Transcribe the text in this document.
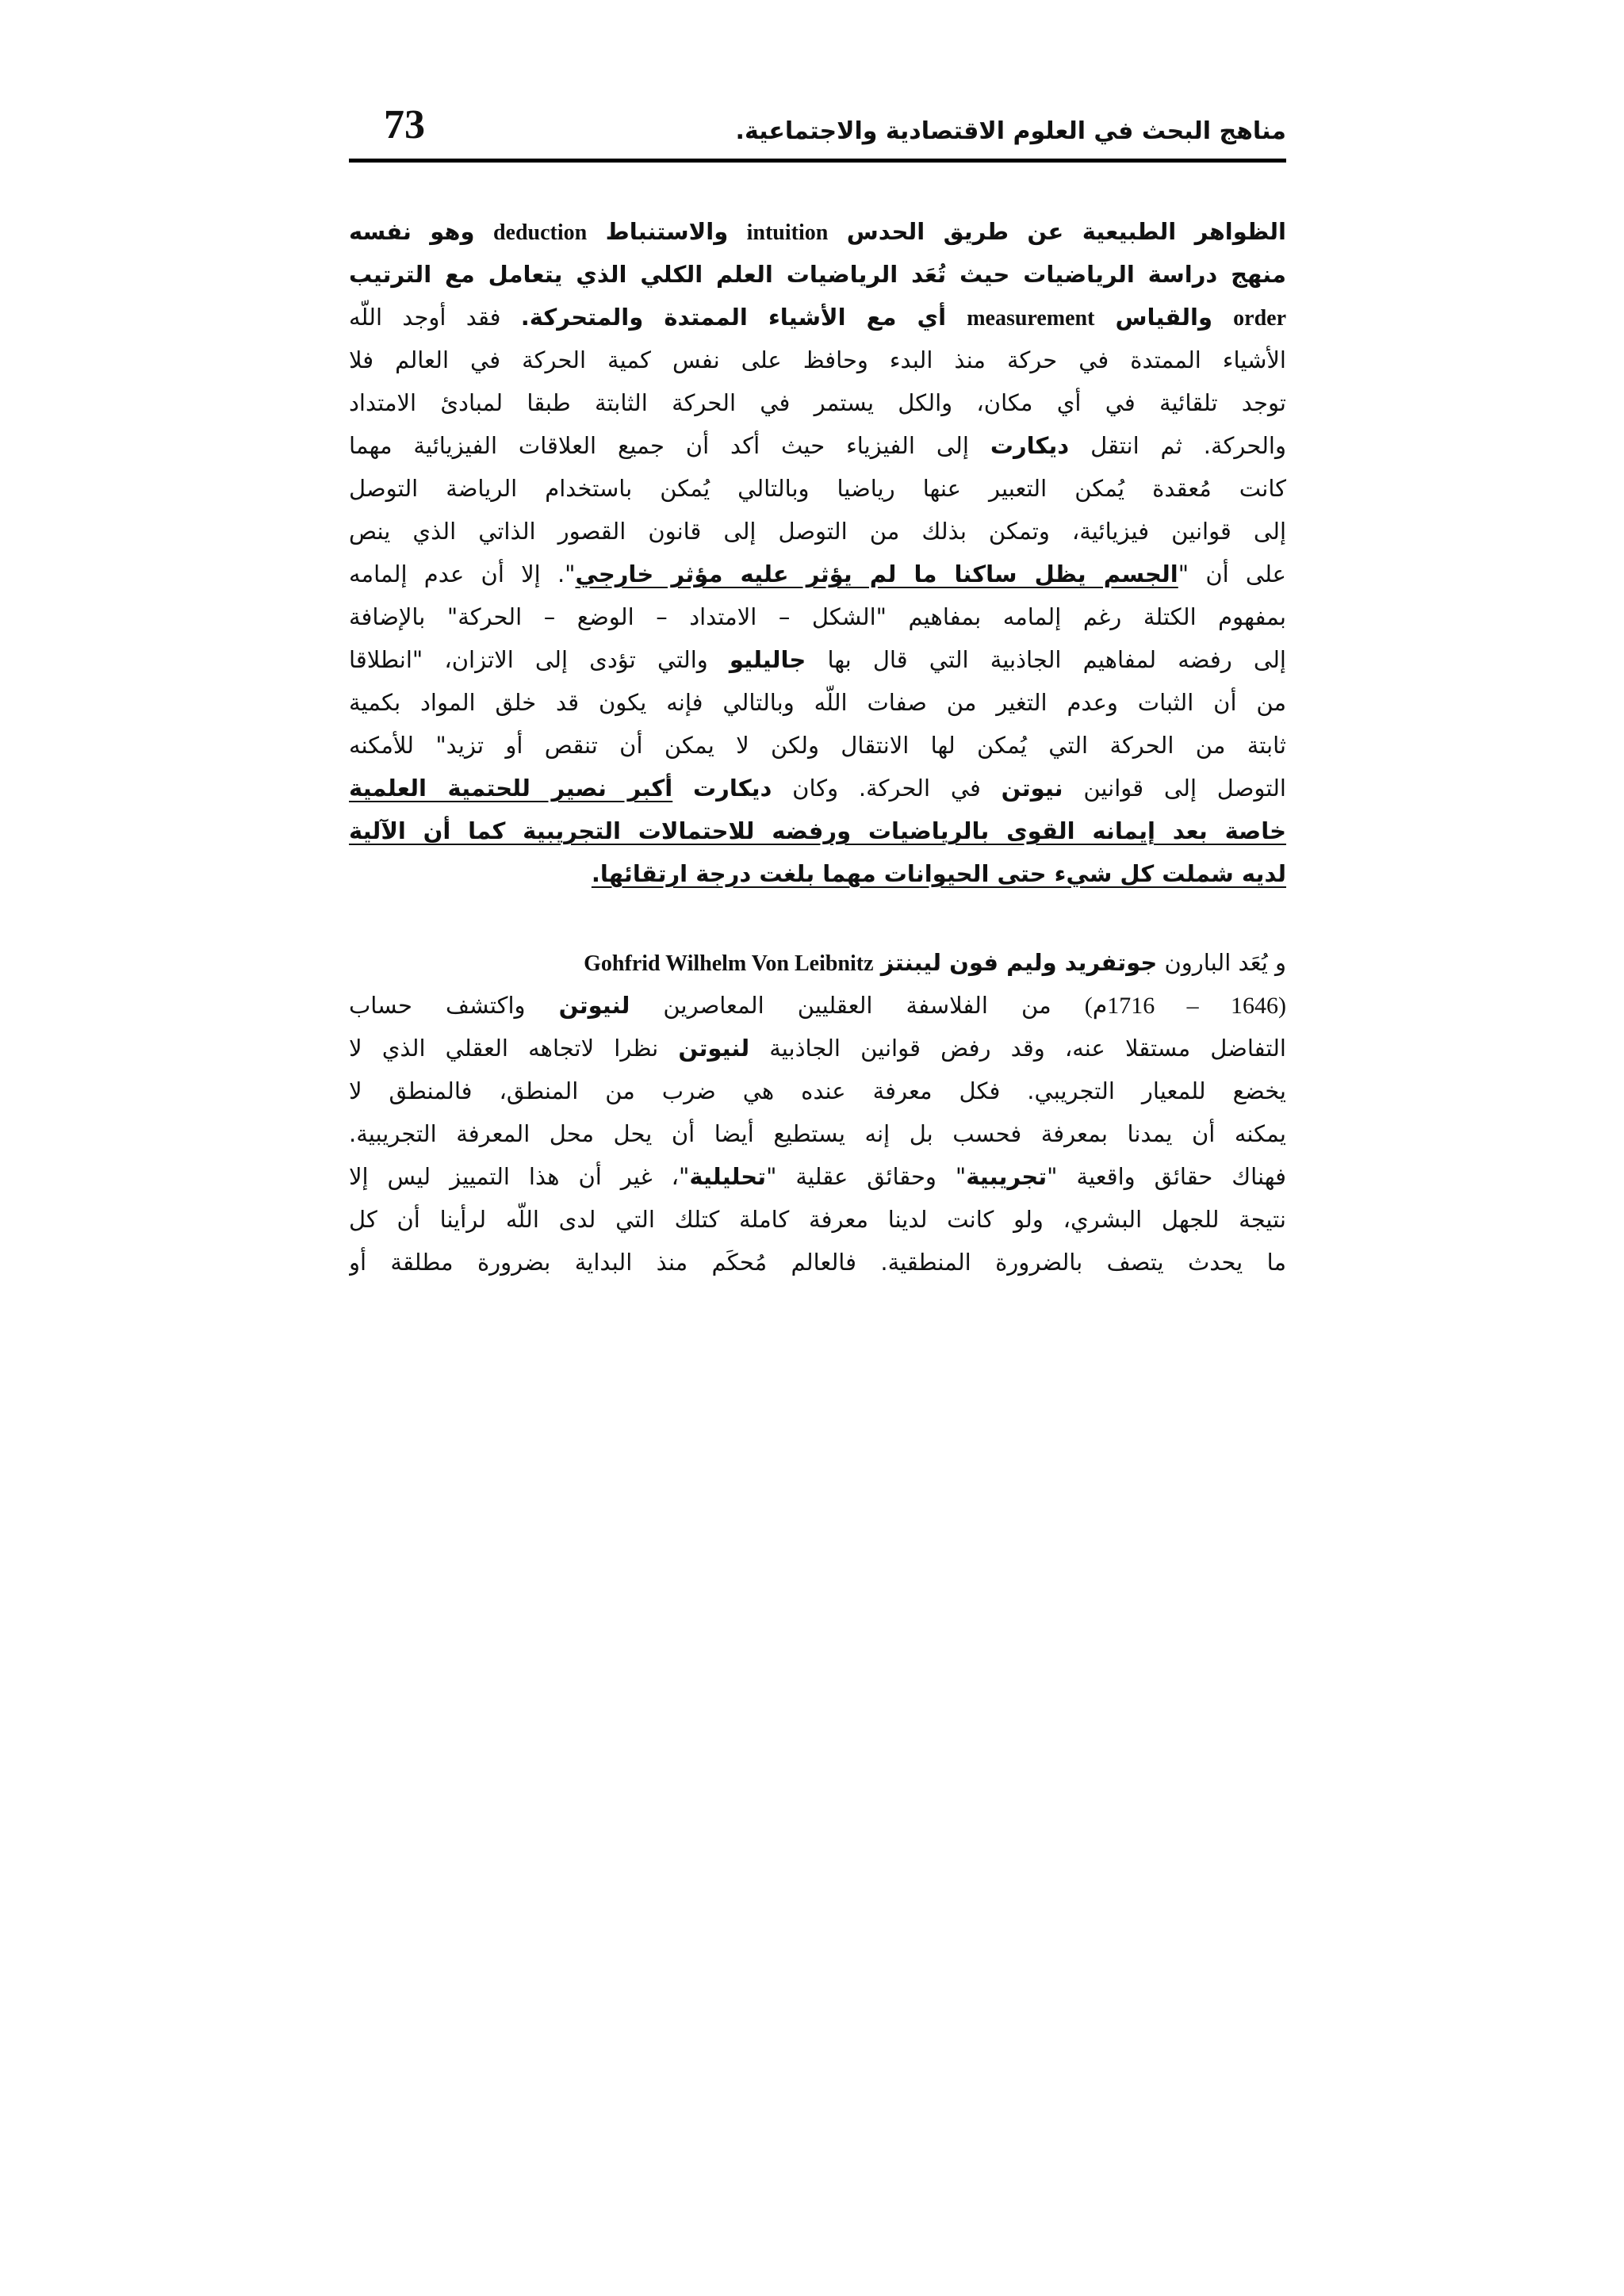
مناهج البحث في العلوم الاقتصادية والاجتماعية.
73
الظواهر الطبيعية عن طريق الحدس intuition والاستنباط deduction وهو نفسه
منهج دراسة الرياضيات حيث تُعَد الرياضيات العلم الكلي الذي يتعامل مع الترتيب
order والقياس measurement أي مع الأشياء الممتدة والمتحركة. فقد أوجد اللّه
الأشياء الممتدة في حركة منذ البدء وحافظ على نفس كمية الحركة في العالم فلا
توجد تلقائية في أي مكان، والكل يستمر في الحركة الثابتة طبقا لمبادئ الامتداد
والحركة. ثم انتقل ديكارت إلى الفيزياء حيث أكد أن جميع العلاقات الفيزيائية مهما
كانت مُعقدة يُمكن التعبير عنها رياضيا وبالتالي يُمكن باستخدام الرياضة التوصل
إلى قوانين فيزيائية، وتمكن بذلك من التوصل إلى قانون القصور الذاتي الذي ينص
على أن "الجسم يظل ساكنا ما لم يؤثر عليه مؤثر خارجي". إلا أن عدم إلمامه
بمفهوم الكتلة رغم إلمامه بمفاهيم "الشكل – الامتداد – الوضع – الحركة" بالإضافة
إلى رفضه لمفاهيم الجاذبية التي قال بها جاليليو والتي تؤدى إلى الاتزان، "انطلاقا
من أن الثبات وعدم التغير من صفات اللّه وبالتالي فإنه يكون قد خلق المواد بكمية
ثابتة من الحركة التي يُمكن لها الانتقال ولكن لا يمكن أن تنقص أو تزيد" للأمكنه
التوصل إلى قوانين نيوتن في الحركة. وكان ديكارت أكبر نصير للحتمية العلمية
خاصة بعد إيمانه القوى بالرياضيات ورفضه للاحتمالات التجريبية كما أن الآلية
لديه شملت كل شيء حتى الحيوانات مهما بلغت درجة ارتقائها.
و يُعَد البارون جوتفريد وليم فون ليبنتز Gohfrid Wilhelm Von Leibnitz
(1646 – 1716م) من الفلاسفة العقليين المعاصرين لنيوتن واكتشف حساب
التفاضل مستقلا عنه، وقد رفض قوانين الجاذبية لنيوتن نظرا لاتجاهه العقلي الذي لا
يخضع للمعيار التجريبي. فكل معرفة عنده هي ضرب من المنطق، فالمنطق لا
يمكنه أن يمدنا بمعرفة فحسب بل إنه يستطيع أيضا أن يحل محل المعرفة التجريبية.
فهناك حقائق واقعية "تجريبية" وحقائق عقلية "تحليلية"، غير أن هذا التمييز ليس إلا
نتيجة للجهل البشري، ولو كانت لدينا معرفة كاملة كتلك التي لدى اللّه لرأينا أن كل
ما يحدث يتصف بالضرورة المنطقية. فالعالم مُحكَم منذ البداية بضرورة مطلقة أو
